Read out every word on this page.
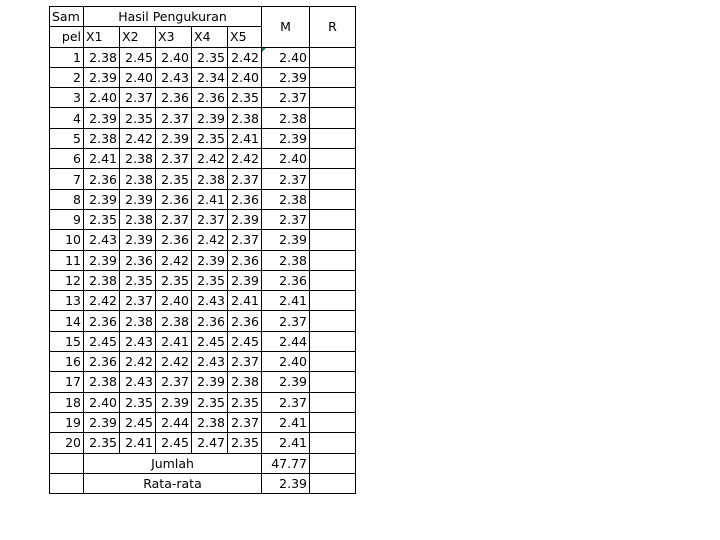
Sam	Hasil Pengukuran					M	R
pel	X1	X2	X3	X4	X5		
1	2.38	2.45	2.40	2.35	2.42	2.40	
2	2.39	2.40	2.43	2.34	2.40	2.39	
3	2.40	2.37	2.36	2.36	2.35	2.37	
4	2.39	2.35	2.37	2.39	2.38	2.38	
5	2.38	2.42	2.39	2.35	2.41	2.39	
6	2.41	2.38	2.37	2.42	2.42	2.40	
7	2.36	2.38	2.35	2.38	2.37	2.37	
8	2.39	2.39	2.36	2.41	2.36	2.38	
9	2.35	2.38	2.37	2.37	2.39	2.37	
10	2.43	2.39	2.36	2.42	2.37	2.39	
11	2.39	2.36	2.42	2.39	2.36	2.38	
12	2.38	2.35	2.35	2.35	2.39	2.36	
13	2.42	2.37	2.40	2.43	2.41	2.41	
14	2.36	2.38	2.38	2.36	2.36	2.37	
15	2.45	2.43	2.41	2.45	2.45	2.44	
16	2.36	2.42	2.42	2.43	2.37	2.40	
17	2.38	2.43	2.37	2.39	2.38	2.39	
18	2.40	2.35	2.39	2.35	2.35	2.37	
19	2.39	2.45	2.44	2.38	2.37	2.41	
20	2.35	2.41	2.45	2.47	2.35	2.41	
	Jumlah					47.77	
	Rata-rata					2.39	
